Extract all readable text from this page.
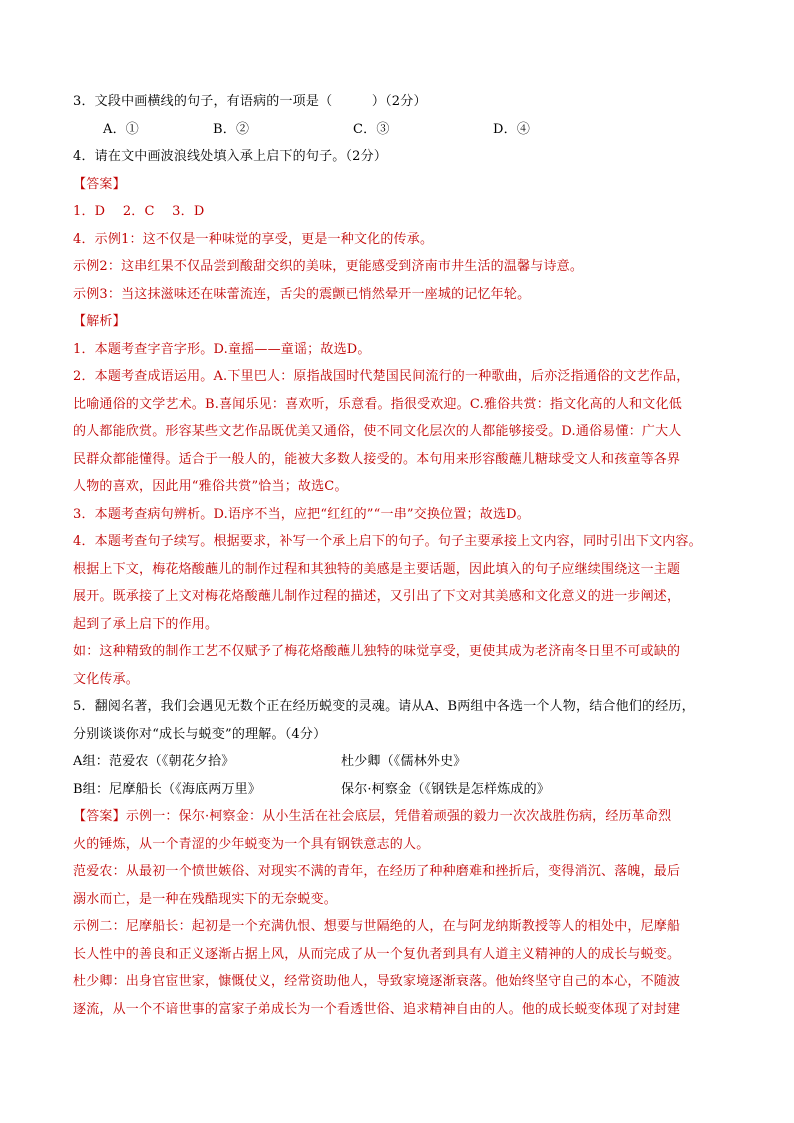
3．文段中画横线的句子，有语病的一项是（　　　）（2分）
A．①	B．②	C．③	D．④
4．请在文中画波浪线处填入承上启下的句子。（2分）
【答案】
1．D　 2．C　 3．D
4．示例1：这不仅是一种味觉的享受，更是一种文化的传承。
示例2：这串红果不仅品尝到酸甜交织的美味，更能感受到济南市井生活的温馨与诗意。
示例3：当这抹滋味还在味蕾流连，舌尖的震颤已悄然晕开一座城的记忆年轮。
【解析】
1．本题考查字音字形。D.童摇——童谣；故选D。
2．本题考查成语运用。A.下里巴人：原指战国时代楚国民间流行的一种歌曲，后亦泛指通俗的文艺作品，
比喻通俗的文学艺术。B.喜闻乐见：喜欢听，乐意看。指很受欢迎。C.雅俗共赏：指文化高的人和文化低
的人都能欣赏。形容某些文艺作品既优美又通俗，使不同文化层次的人都能够接受。D.通俗易懂：广大人
民群众都能懂得。适合于一般人的，能被大多数人接受的。本句用来形容酸蘸儿糖球受文人和孩童等各界
人物的喜欢，因此用“雅俗共赏”恰当；故选C。
3．本题考查病句辨析。D.语序不当，应把“红红的”“一串”交换位置；故选D。
4．本题考查句子续写。根据要求，补写一个承上启下的句子。句子主要承接上文内容，同时引出下文内容。
根据上下文，梅花烙酸蘸儿的制作过程和其独特的美感是主要话题，因此填入的句子应继续围绕这一主题
展开。既承接了上文对梅花烙酸蘸儿制作过程的描述，又引出了下文对其美感和文化意义的进一步阐述，
起到了承上启下的作用。
如：这种精致的制作工艺不仅赋予了梅花烙酸蘸儿独特的味觉享受，更使其成为老济南冬日里不可或缺的
文化传承。
5．翻阅名著，我们会遇见无数个正在经历蜕变的灵魂。请从A、B两组中各选一个人物，结合他们的经历，
分别谈谈你对“成长与蜕变”的理解。（4分）
A组：范爱农（《朝花夕拾》	杜少卿（《儒林外史》
B组：尼摩船长（《海底两万里》	保尔·柯察金（《钢铁是怎样炼成的》
【答案】示例一：保尔·柯察金：从小生活在社会底层，凭借着顽强的毅力一次次战胜伤病，经历革命烈
火的锤炼，从一个青涩的少年蜕变为一个具有钢铁意志的人。
范爱农：从最初一个愤世嫉俗、对现实不满的青年，在经历了种种磨难和挫折后，变得消沉、落魄，最后
溺水而亡，是一种在残酷现实下的无奈蜕变。
示例二：尼摩船长：起初是一个充满仇恨、想要与世隔绝的人，在与阿龙纳斯教授等人的相处中，尼摩船
长人性中的善良和正义逐渐占据上风，从而完成了从一个复仇者到具有人道主义精神的人的成长与蜕变。
杜少卿：出身官宦世家，慷慨仗义，经常资助他人，导致家境逐渐衰落。他始终坚守自己的本心，不随波
逐流，从一个不谙世事的富家子弟成长为一个看透世俗、追求精神自由的人。他的成长蜕变体现了对封建
